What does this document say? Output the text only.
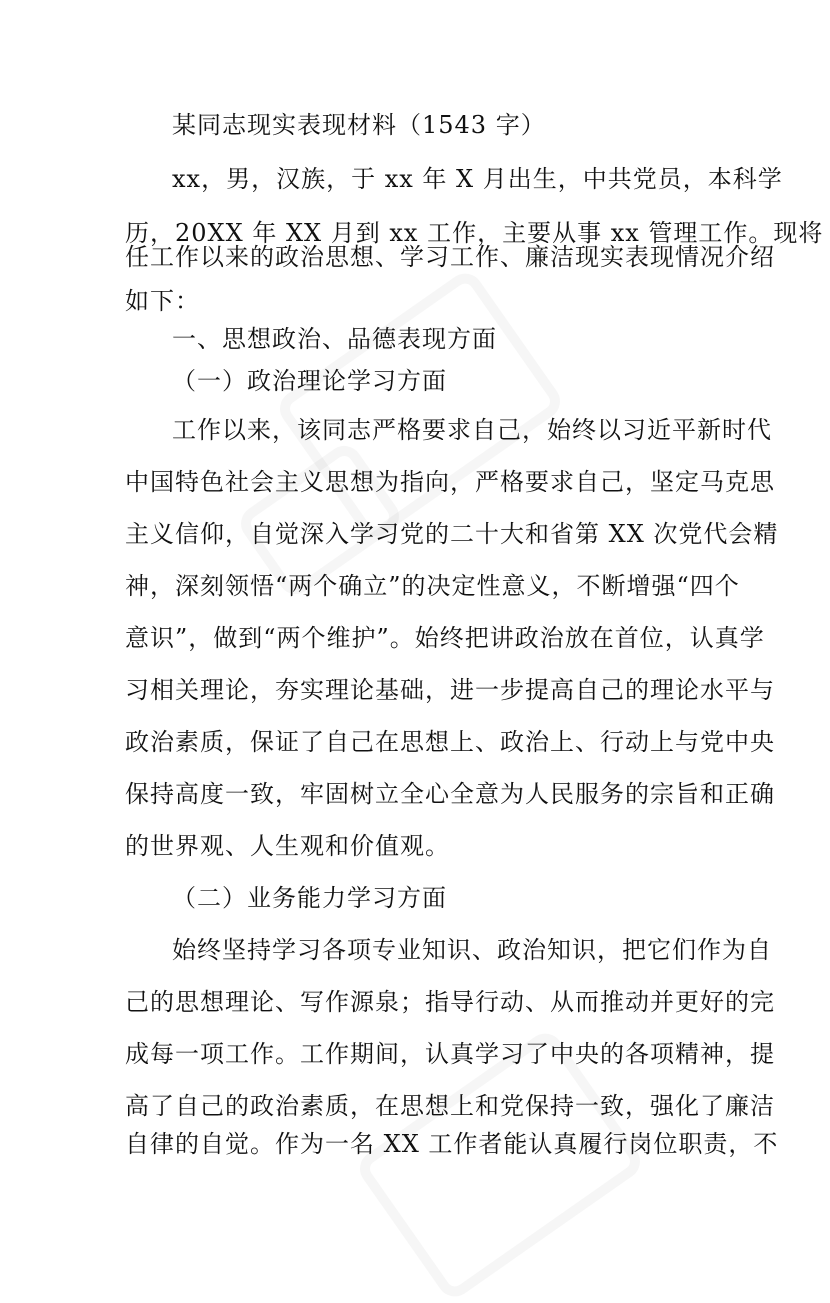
某同志现实表现材料（1543 字）
xx，男，汉族，于 xx 年 X 月出生，中共党员，本科学
历，20XX 年 XX 月到 xx 工作，主要从事 xx 管理工作。现将
任工作以来的政治思想、学习工作、廉洁现实表现情况介绍
如下：
一、思想政治、品德表现方面
（一）政治理论学习方面
工作以来，该同志严格要求自己，始终以习近平新时代
中国特色社会主义思想为指向，严格要求自己，坚定马克思
主义信仰，自觉深入学习党的二十大和省第 XX 次党代会精
神，深刻领悟“两个确立”的决定性意义，不断增强“四个
意识”，做到“两个维护”。始终把讲政治放在首位，认真学
习相关理论，夯实理论基础，进一步提高自己的理论水平与
政治素质，保证了自己在思想上、政治上、行动上与党中央
保持高度一致，牢固树立全心全意为人民服务的宗旨和正确
的世界观、人生观和价值观。
（二）业务能力学习方面
始终坚持学习各项专业知识、政治知识，把它们作为自
己的思想理论、写作源泉；指导行动、从而推动并更好的完
成每一项工作。工作期间，认真学习了中央的各项精神，提
高了自己的政治素质，在思想上和党保持一致，强化了廉洁
自律的自觉。作为一名 XX 工作者能认真履行岗位职责，不
